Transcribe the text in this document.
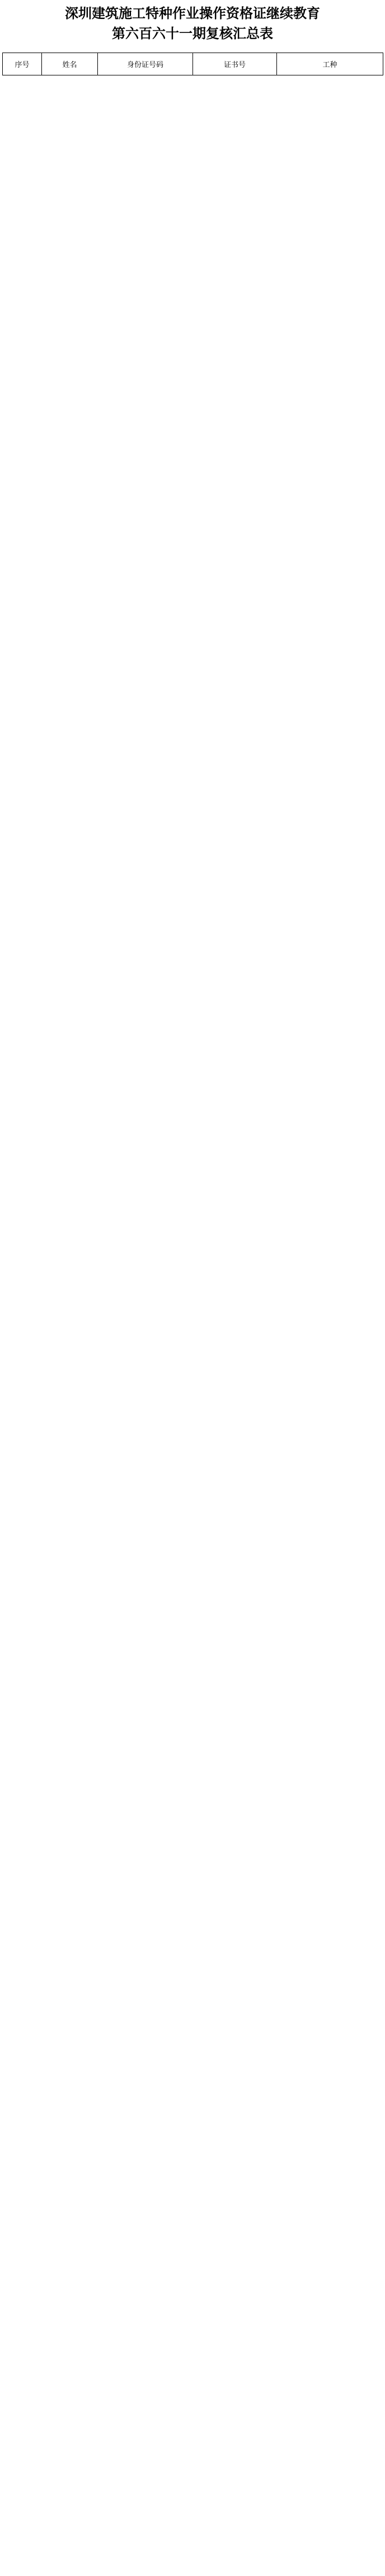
深圳建筑施工特种作业操作资格证继续教育
第六百六十一期复核汇总表
序号	姓名	身份证号码	证书号	工种
